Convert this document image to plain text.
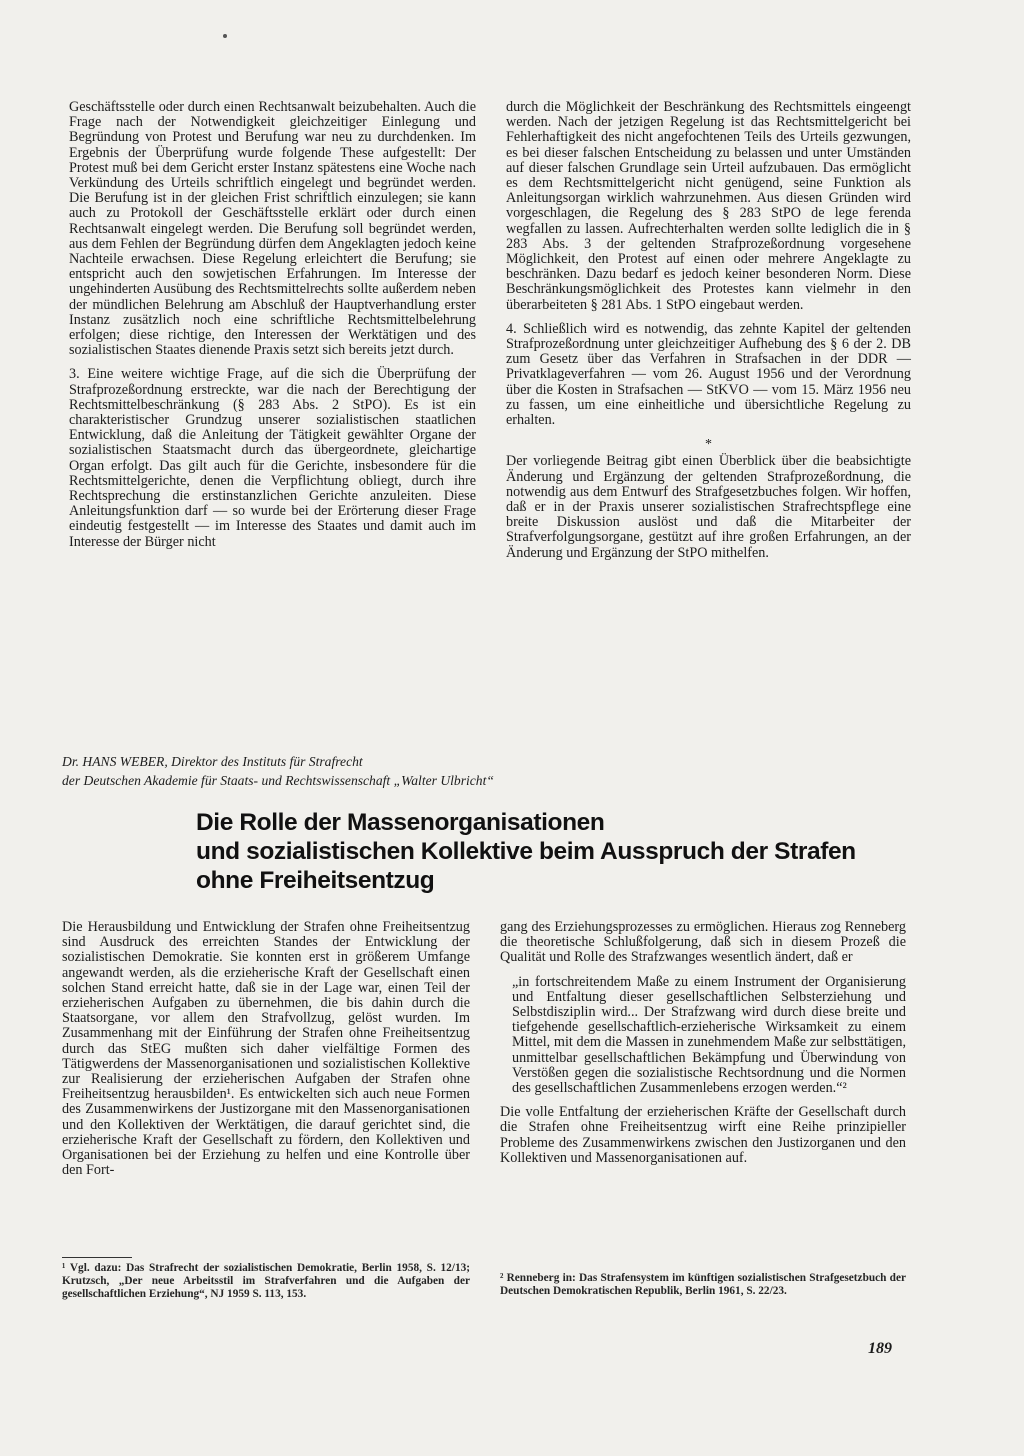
Geschäftsstelle oder durch einen Rechtsanwalt beizubehalten. Auch die Frage nach der Notwendigkeit gleichzeitiger Einlegung und Begründung von Protest und Berufung war neu zu durchdenken. Im Ergebnis der Überprüfung wurde folgende These aufgestellt: Der Protest muß bei dem Gericht erster Instanz spätestens eine Woche nach Verkündung des Urteils schriftlich eingelegt und begründet werden. Die Berufung ist in der gleichen Frist schriftlich einzulegen; sie kann auch zu Protokoll der Geschäftsstelle erklärt oder durch einen Rechtsanwalt eingelegt werden. Die Berufung soll begründet werden, aus dem Fehlen der Begründung dürfen dem Angeklagten jedoch keine Nachteile erwachsen. Diese Regelung erleichtert die Berufung; sie entspricht auch den sowjetischen Erfahrungen. Im Interesse der ungehinderten Ausübung des Rechtsmittelrechts sollte außerdem neben der mündlichen Belehrung am Abschluß der Hauptverhandlung erster Instanz zusätzlich noch eine schriftliche Rechtsmittelbelehrung erfolgen; diese richtige, den Interessen der Werktätigen und des sozialistischen Staates dienende Praxis setzt sich bereits jetzt durch.

3. Eine weitere wichtige Frage, auf die sich die Überprüfung der Strafprozeßordnung erstreckte, war die nach der Berechtigung der Rechtsmittelbeschränkung (§ 283 Abs. 2 StPO). Es ist ein charakteristischer Grundzug unserer sozialistischen staatlichen Entwicklung, daß die Anleitung der Tätigkeit gewählter Organe der sozialistischen Staatsmacht durch das übergeordnete, gleichartige Organ erfolgt. Das gilt auch für die Gerichte, insbesondere für die Rechtsmittelgerichte, denen die Verpflichtung obliegt, durch ihre Rechtsprechung die erstinstanzlichen Gerichte anzuleiten. Diese Anleitungsfunktion darf — so wurde bei der Erörterung dieser Frage eindeutig festgestellt — im Interesse des Staates und damit auch im Interesse der Bürger nicht

durch die Möglichkeit der Beschränkung des Rechtsmittels eingeengt werden. Nach der jetzigen Regelung ist das Rechtsmittelgericht bei Fehlerhaftigkeit des nicht angefochtenen Teils des Urteils gezwungen, es bei dieser falschen Entscheidung zu belassen und unter Umständen auf dieser falschen Grundlage sein Urteil aufzubauen. Das ermöglicht es dem Rechtsmittelgericht nicht genügend, seine Funktion als Anleitungsorgan wirklich wahrzunehmen. Aus diesen Gründen wird vorgeschlagen, die Regelung des § 283 StPO de lege ferenda wegfallen zu lassen. Aufrechterhalten werden sollte lediglich die in § 283 Abs. 3 der geltenden Strafprozeßordnung vorgesehene Möglichkeit, den Protest auf einen oder mehrere Angeklagte zu beschränken. Dazu bedarf es jedoch keiner besonderen Norm. Diese Beschränkungsmöglichkeit des Protestes kann vielmehr in den überarbeiteten § 281 Abs. 1 StPO eingebaut werden.

4. Schließlich wird es notwendig, das zehnte Kapitel der geltenden Strafprozeßordnung unter gleichzeitiger Aufhebung des § 6 der 2. DB zum Gesetz über das Verfahren in Strafsachen in der DDR — Privatklageverfahren — vom 26. August 1956 und der Verordnung über die Kosten in Strafsachen — StKVO — vom 15. März 1956 neu zu fassen, um eine einheitliche und übersichtliche Regelung zu erhalten.

*

Der vorliegende Beitrag gibt einen Überblick über die beabsichtigte Änderung und Ergänzung der geltenden Strafprozeßordnung, die notwendig aus dem Entwurf des Strafgesetzbuches folgen. Wir hoffen, daß er in der Praxis unserer sozialistischen Strafrechtspflege eine breite Diskussion auslöst und daß die Mitarbeiter der Strafverfolgungsorgane, gestützt auf ihre großen Erfahrungen, an der Änderung und Ergänzung der StPO mithelfen.

Dr. HANS WEBER, Direktor des Instituts für Strafrecht
der Deutschen Akademie für Staats- und Rechtswissenschaft „Walter Ulbricht“
Die Rolle der Massenorganisationen
und sozialistischen Kollektive beim Ausspruch der Strafen
ohne Freiheitsentzug

Die Herausbildung und Entwicklung der Strafen ohne Freiheitsentzug sind Ausdruck des erreichten Standes der Entwicklung der sozialistischen Demokratie. Sie konnten erst in größerem Umfange angewandt werden, als die erzieherische Kraft der Gesellschaft einen solchen Stand erreicht hatte, daß sie in der Lage war, einen Teil der erzieherischen Aufgaben zu übernehmen, die bis dahin durch die Staatsorgane, vor allem den Strafvollzug, gelöst wurden. Im Zusammenhang mit der Einführung der Strafen ohne Freiheitsentzug durch das StEG mußten sich daher vielfältige Formen des Tätigwerdens der Massenorganisationen und sozialistischen Kollektive zur Realisierung der erzieherischen Aufgaben der Strafen ohne Freiheitsentzug herausbilden¹. Es entwickelten sich auch neue Formen des Zusammenwirkens der Justizorgane mit den Massenorganisationen und den Kollektiven der Werktätigen, die darauf gerichtet sind, die erzieherische Kraft der Gesellschaft zu fördern, den Kollektiven und Organisationen bei der Erziehung zu helfen und eine Kontrolle über den Fort-

gang des Erziehungsprozesses zu ermöglichen. Hieraus zog Renneberg die theoretische Schlußfolgerung, daß sich in diesem Prozeß die Qualität und Rolle des Strafzwanges wesentlich ändert, daß er

„in fortschreitendem Maße zu einem Instrument der Organisierung und Entfaltung dieser gesellschaftlichen Selbsterziehung und Selbstdisziplin wird... Der Strafzwang wird durch diese breite und tiefgehende gesellschaftlich-erzieherische Wirksamkeit zu einem Mittel, mit dem die Massen in zunehmendem Maße zur selbsttätigen, unmittelbar gesellschaftlichen Bekämpfung und Überwindung von Verstößen gegen die sozialistische Rechtsordnung und die Normen des gesellschaftlichen Zusammenlebens erzogen werden.“²

Die volle Entfaltung der erzieherischen Kräfte der Gesellschaft durch die Strafen ohne Freiheitsentzug wirft eine Reihe prinzipieller Probleme des Zusammenwirkens zwischen den Justizorganen und den Kollektiven und Massenorganisationen auf.

¹ Vgl. dazu: Das Strafrecht der sozialistischen Demokratie, Berlin 1958, S. 12/13; Krutzsch, „Der neue Arbeitsstil im Strafverfahren und die Aufgaben der gesellschaftlichen Erziehung“, NJ 1959 S. 113, 153.
² Renneberg in: Das Strafensystem im künftigen sozialistischen Strafgesetzbuch der Deutschen Demokratischen Republik, Berlin 1961, S. 22/23.
189
